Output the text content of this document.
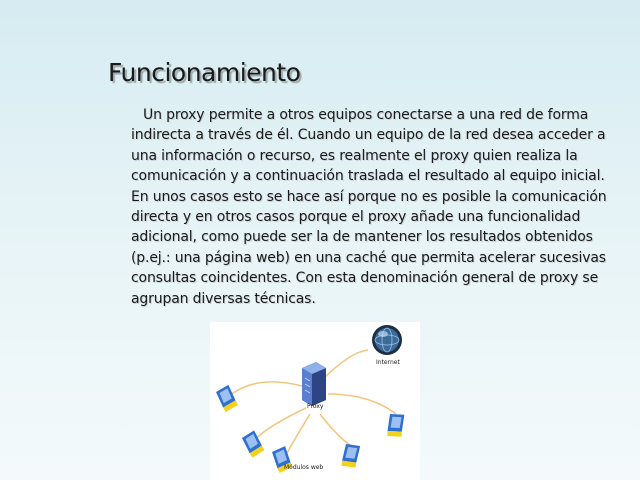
Funcionamiento
Un proxy permite a otros equipos conectarse a una red de forma indirecta a través de él. Cuando un equipo de la red desea acceder a una información o recurso, es realmente el proxy quien realiza la comunicación y a continuación traslada el resultado al equipo inicial. En unos casos esto se hace así porque no es posible la comunicación directa y en otros casos porque el proxy añade una funcionalidad adicional, como puede ser la de mantener los resultados obtenidos (p.ej.: una página web) en una caché que permita acelerar sucesivas consultas coincidentes. Con esta denominación general de proxy se agrupan diversas técnicas.
Internet
Proxy
Módulos web
